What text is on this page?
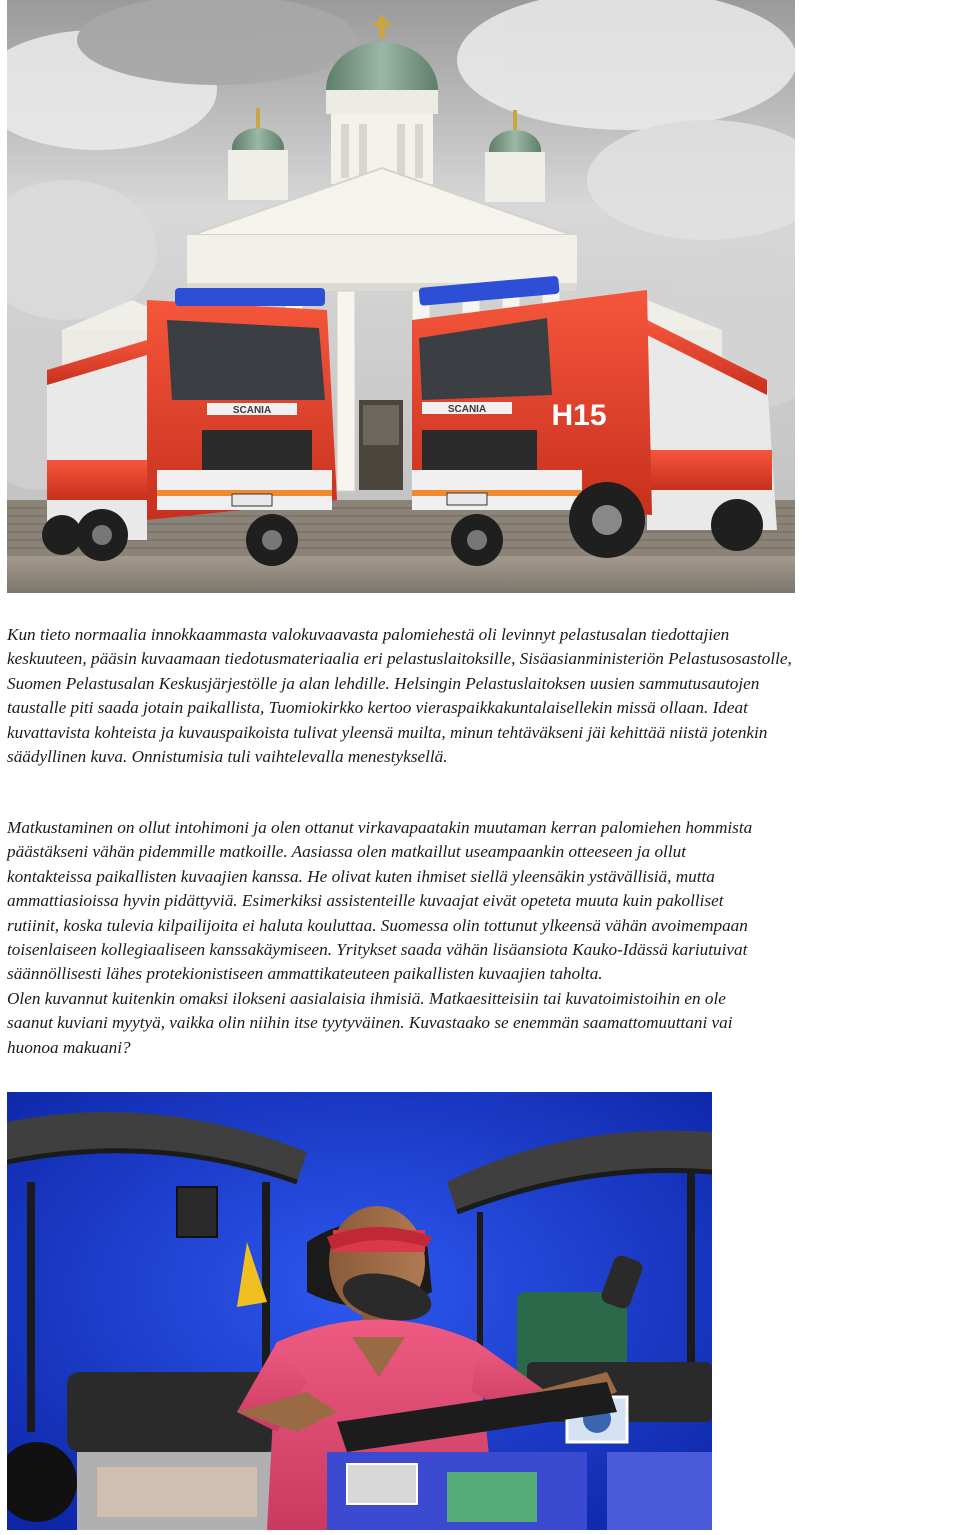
SCANIA	H15
SCANIA

Kun tieto normaalia innokkaammasta valokuvaavasta palomiehestä oli levinnyt pelastusalan tiedottajien
keskuuteen, pääsin kuvaamaan tiedotusmateriaalia eri pelastuslaitoksille, Sisäasianministeriön Pelastusosastolle,
Suomen Pelastusalan Keskusjärjestölle ja alan lehdille. Helsingin Pelastuslaitoksen uusien sammutusautojen
taustalle piti saada jotain paikallista, Tuomiokirkko kertoo vieraspaikkakuntalaisellekin missä ollaan. Ideat
kuvattavista kohteista ja kuvauspaikoista tulivat yleensä muilta, minun tehtäväkseni jäi kehittää niistä jotenkin
säädyllinen kuva. Onnistumisia tuli vaihtelevalla menestyksellä.

Matkustaminen on ollut intohimoni ja olen ottanut virkavapaatakin muutaman kerran palomiehen hommista
päästäkseni vähän pidemmille matkoille. Aasiassa olen matkaillut useampaankin otteeseen ja ollut
kontakteissa paikallisten kuvaajien kanssa. He olivat kuten ihmiset siellä yleensäkin ystävällisiä, mutta
ammattiasioissa hyvin pidättyviä. Esimerkiksi assistenteille kuvaajat eivät opeteta muuta kuin pakolliset
rutiinit, koska tulevia kilpailijoita ei haluta kouluttaa. Suomessa olin tottunut ylkeensä vähän avoimempaan
toisenlaiseen kollegiaaliseen kanssakäymiseen. Yritykset saada vähän lisäansiota Kauko-Idässä kariutuivat
säännöllisesti lähes protekionistiseen ammattikateuteen paikallisten kuvaajien taholta.
Olen kuvannut kuitenkin omaksi ilokseni aasialaisia ihmisiä. Matkaesitteisiin tai kuvatoimistoihin en ole
saanut kuviani myytyä, vaikka olin niihin itse tyytyväinen. Kuvastaako se enemmän saamattomuuttani vai
huonoa makuani?
